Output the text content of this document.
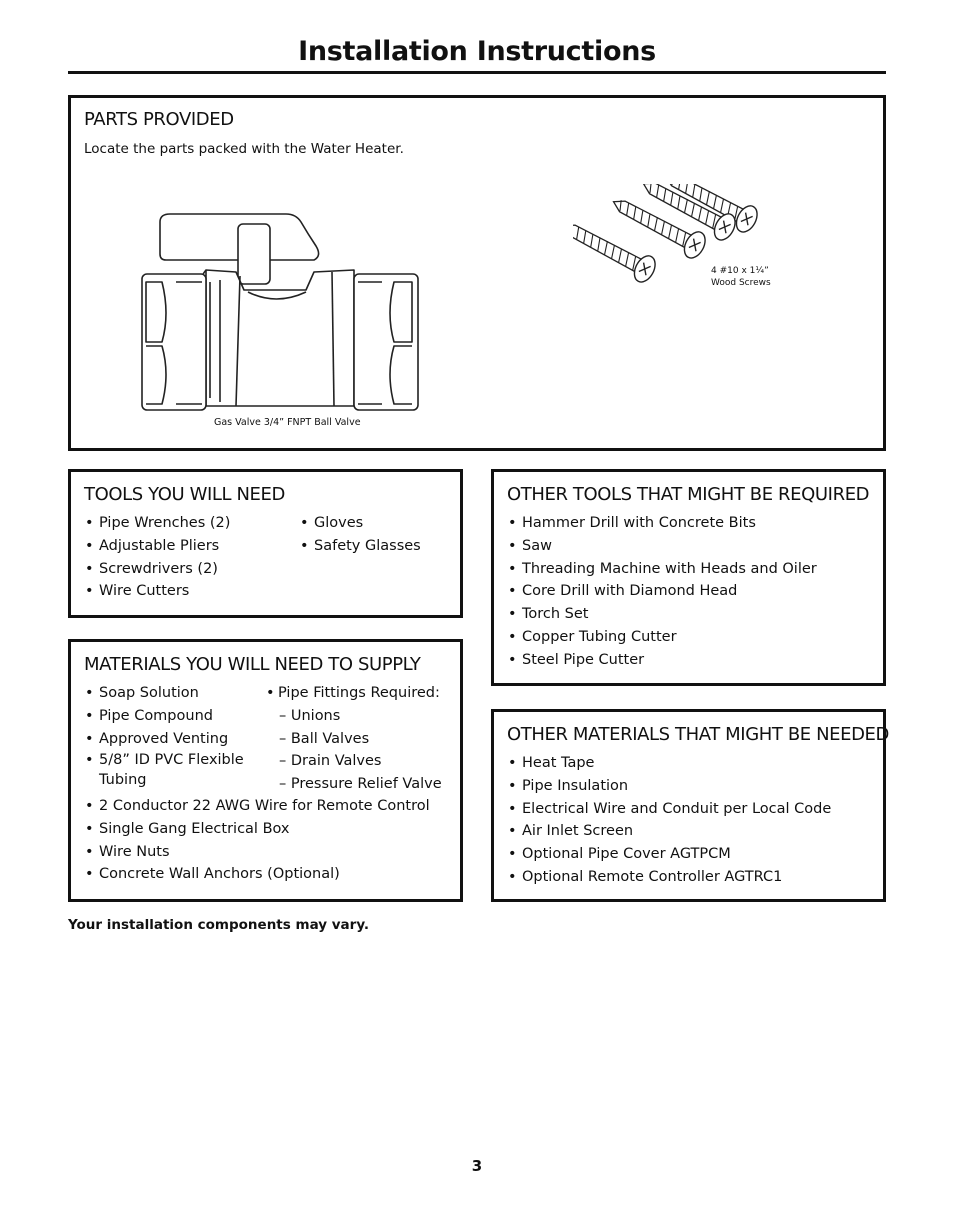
Installation Instructions
PARTS PROVIDED
Locate the parts packed with the Water Heater.
Gas Valve 3/4” FNPT Ball Valve
4 #10 x 1¼”
Wood Screws
TOOLS YOU WILL NEED
• Pipe Wrenches (2)
• Adjustable Pliers
• Screwdrivers (2)
• Wire Cutters
• Gloves
• Safety Glasses
MATERIALS YOU WILL NEED TO SUPPLY
• Soap Solution
• Pipe Compound
• Approved Venting
• 5/8” ID PVC Flexible Tubing
• Pipe Fittings Required:
– Unions
– Ball Valves
– Drain Valves
– Pressure Relief Valve
• 2 Conductor 22 AWG Wire for Remote Control
• Single Gang Electrical Box
• Wire Nuts
• Concrete Wall Anchors (Optional)
OTHER TOOLS THAT MIGHT BE REQUIRED
• Hammer Drill with Concrete Bits
• Saw
• Threading Machine with Heads and Oiler
• Core Drill with Diamond Head
• Torch Set
• Copper Tubing Cutter
• Steel Pipe Cutter
OTHER MATERIALS THAT MIGHT BE NEEDED
• Heat Tape
• Pipe Insulation
• Electrical Wire and Conduit per Local Code
• Air Inlet Screen
• Optional Pipe Cover AGTPCM
• Optional Remote Controller AGTRC1
Your installation components may vary.
3
